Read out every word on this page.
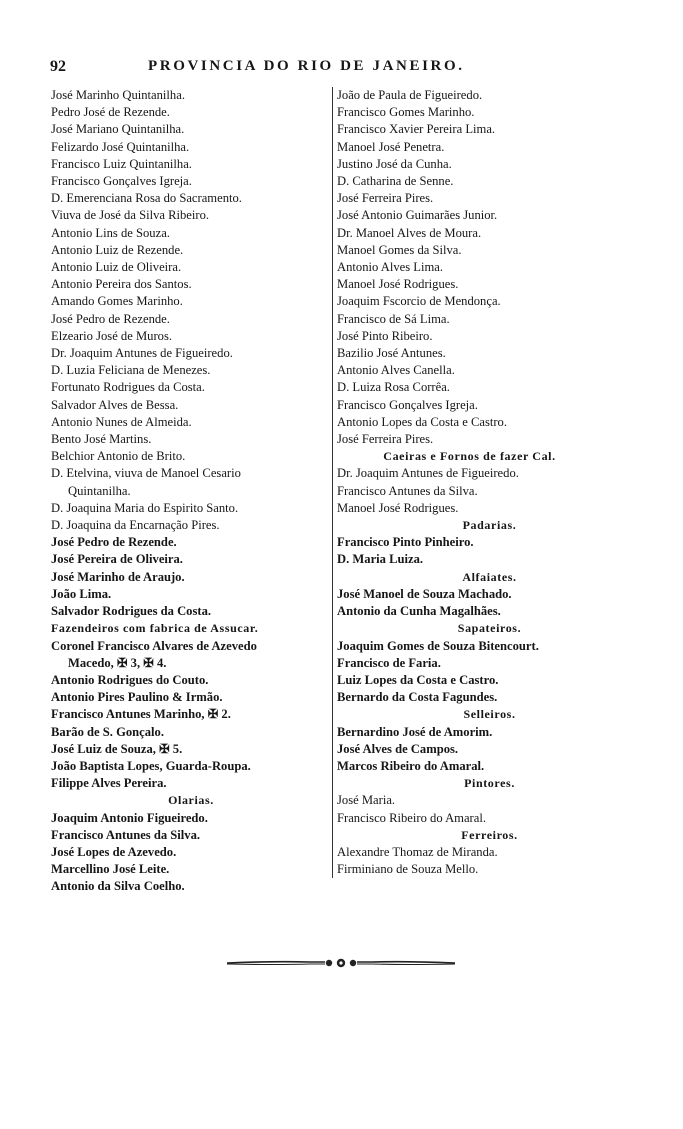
92	PROVINCIA DO RIO DE JANEIRO.
José Marinho Quintanilha.
Pedro José de Rezende.
José Mariano Quintanilha.
Felizardo José Quintanilha.
Francisco Luiz Quintanilha.
Francisco Gonçalves Igreja.
D. Emerenciana Rosa do Sacramento.
Viuva de José da Silva Ribeiro.
Antonio Lins de Souza.
Antonio Luiz de Rezende.
Antonio Luiz de Oliveira.
Antonio Pereira dos Santos.
Amando Gomes Marinho.
José Pedro de Rezende.
Elzeario José de Muros.
Dr. Joaquim Antunes de Figueiredo.
D. Luzia Feliciana de Menezes.
Fortunato Rodrigues da Costa.
Salvador Alves de Bessa.
Antonio Nunes de Almeida.
Bento José Martins.
Belchior Antonio de Brito.
D. Etelvina, viuva de Manoel Cesario
Quintanilha.
D. Joaquina Maria do Espirito Santo.
D. Joaquina da Encarnação Pires.
José Pedro de Rezende.
José Pereira de Oliveira.
José Marinho de Araujo.
João Lima.
Salvador Rodrigues da Costa.
Fazendeiros com fabrica de Assucar.
Coronel Francisco Alvares de Azevedo
Macedo, ✠ 3, ✠ 4.
Antonio Rodrigues do Couto.
Antonio Pires Paulino & Irmão.
Francisco Antunes Marinho, ✠ 2.
Barão de S. Gonçalo.
José Luiz de Souza, ✠ 5.
João Baptista Lopes, Guarda-Roupa.
Filippe Alves Pereira.
Olarias.
Joaquim Antonio Figueiredo.
Francisco Antunes da Silva.
José Lopes de Azevedo.
Marcellino José Leite.
Antonio da Silva Coelho.
João de Paula de Figueiredo.
Francisco Gomes Marinho.
Francisco Xavier Pereira Lima.
Manoel José Penetra.
Justino José da Cunha.
D. Catharina de Senne.
José Ferreira Pires.
José Antonio Guimarães Junior.
Dr. Manoel Alves de Moura.
Manoel Gomes da Silva.
Antonio Alves Lima.
Manoel José Rodrigues.
Joaquim Fscorcio de Mendonça.
Francisco de Sá Lima.
José Pinto Ribeiro.
Bazilio José Antunes.
Antonio Alves Canella.
D. Luiza Rosa Corrêa.
Francisco Gonçalves Igreja.
Antonio Lopes da Costa e Castro.
José Ferreira Pires.
Caeiras e Fornos de fazer Cal.
Dr. Joaquim Antunes de Figueiredo.
Francisco Antunes da Silva.
Manoel José Rodrigues.
Padarias.
Francisco Pinto Pinheiro.
D. Maria Luiza.
Alfaiates.
José Manoel de Souza Machado.
Antonio da Cunha Magalhães.
Sapateiros.
Joaquim Gomes de Souza Bitencourt.
Francisco de Faria.
Luiz Lopes da Costa e Castro.
Bernardo da Costa Fagundes.
Selleiros.
Bernardino José de Amorim.
José Alves de Campos.
Marcos Ribeiro do Amaral.
Pintores.
José Maria.
Francisco Ribeiro do Amaral.
Ferreiros.
Alexandre Thomaz de Miranda.
Firminiano de Souza Mello.
